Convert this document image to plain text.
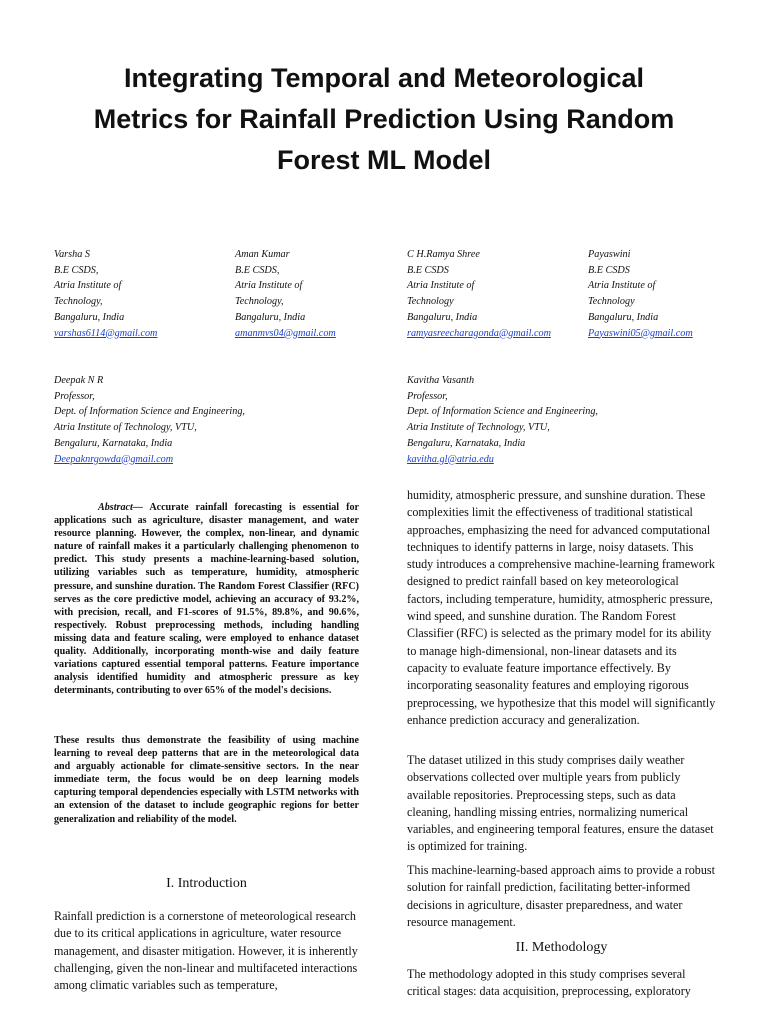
Integrating Temporal and Meteorological
Metrics for Rainfall Prediction Using Random
Forest ML Model
Varsha S
B.E CSDS,
Atria Institute of
Technology,
Bangaluru, India
varshas6114@gmail.com
Aman Kumar
B.E CSDS,
Atria Institute of
Technology,
Bangaluru, India
amanmvs04@gmail.com
C H.Ramya Shree
B.E CSDS
Atria Institute of
Technology
Bangaluru, India
ramyasreecharagonda@gmail.com
Payaswini
B.E CSDS
Atria Institute of
Technology
Bangaluru, India
Payaswini05@gmail.com
Deepak N R
Professor,
Dept. of Information Science and Engineering,
Atria Institute of Technology, VTU,
Bengaluru, Karnataka, India
Deepaknrgowda@gmail.com
Kavitha Vasanth
Professor,
Dept. of Information Science and Engineering,
Atria Institute of Technology, VTU,
Bengaluru, Karnataka, India
kavitha.gl@atria.edu

Abstract— Accurate rainfall forecasting is essential for applications such as agriculture, disaster management, and water resource planning. However, the complex, non-linear, and dynamic nature of rainfall makes it a particularly challenging phenomenon to predict. This study presents a machine-learning-based solution, utilizing variables such as temperature, humidity, atmospheric pressure, and sunshine duration. The Random Forest Classifier (RFC) serves as the core predictive model, achieving an accuracy of 93.2%, with precision, recall, and F1-scores of 91.5%, 89.8%, and 90.6%, respectively. Robust preprocessing methods, including handling missing data and feature scaling, were employed to enhance dataset quality. Additionally, incorporating month-wise and daily feature variations captured essential temporal patterns. Feature importance analysis identified humidity and atmospheric pressure as key determinants, contributing to over 65% of the model's decisions.

These results thus demonstrate the feasibility of using machine learning to reveal deep patterns that are in the meteorological data and arguably actionable for climate-sensitive sectors. In the near immediate term, the focus would be on deep learning models capturing temporal dependencies especially with LSTM networks with an extension of the dataset to include geographic regions for better generalization and reliability of the model.

I. Introduction

Rainfall prediction is a cornerstone of meteorological research due to its critical applications in agriculture, water resource management, and disaster mitigation. However, it is inherently challenging, given the non-linear and multifaceted interactions among climatic variables such as temperature,

humidity, atmospheric pressure, and sunshine duration. These complexities limit the effectiveness of traditional statistical approaches, emphasizing the need for advanced computational techniques to identify patterns in large, noisy datasets. This study introduces a comprehensive machine-learning framework designed to predict rainfall based on key meteorological factors, including temperature, humidity, atmospheric pressure, wind speed, and sunshine duration. The Random Forest Classifier (RFC) is selected as the primary model for its ability to manage high-dimensional, non-linear datasets and its capacity to evaluate feature importance effectively. By incorporating seasonality features and employing rigorous preprocessing, we hypothesize that this model will significantly enhance prediction accuracy and generalization.

The dataset utilized in this study comprises daily weather observations collected over multiple years from publicly available repositories. Preprocessing steps, such as data cleaning, handling missing entries, normalizing numerical variables, and engineering temporal features, ensure the dataset is optimized for training.

This machine-learning-based approach aims to provide a robust solution for rainfall prediction, facilitating better-informed decisions in agriculture, disaster preparedness, and water resource management.

II. Methodology

The methodology adopted in this study comprises several critical stages: data acquisition, preprocessing, exploratory
